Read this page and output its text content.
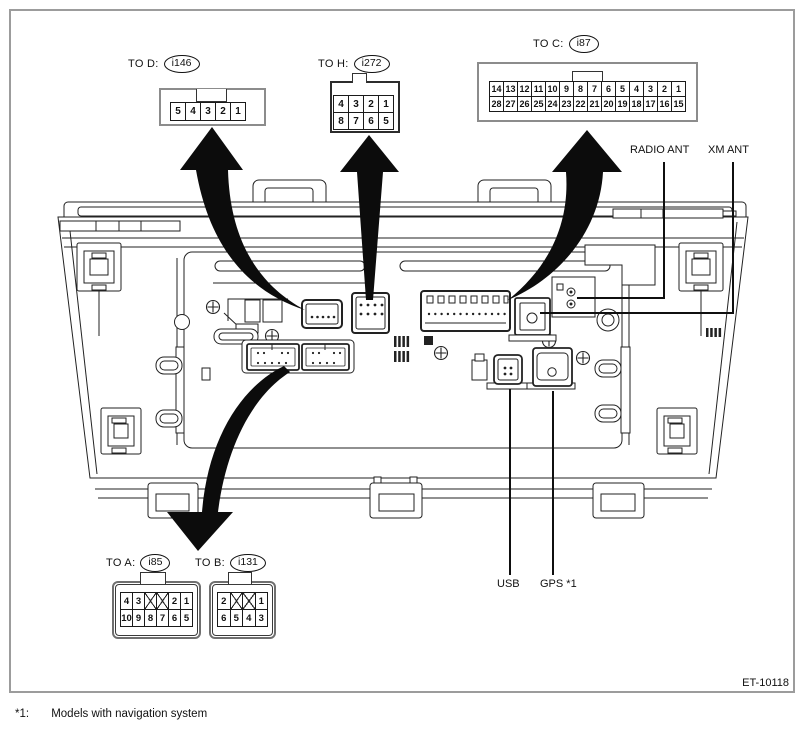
5 4 3 2 1
4 3 2 1
8 7 6 5
14 13 12 11 10 9 8 7 6 5 4 3 2 1
28 27 26 25 24 23 22 21 20 19 18 17 16 15
4 3	2 1
10 9 8 7 6 5
2	1
6 5 4 3
TO D:	i146	TO H:	i272
TO C:	i87
TO A:	i85	TO B:	i131
RADIO ANT XM ANT
USB GPS *1
ET-10118
*1: Models with navigation system
